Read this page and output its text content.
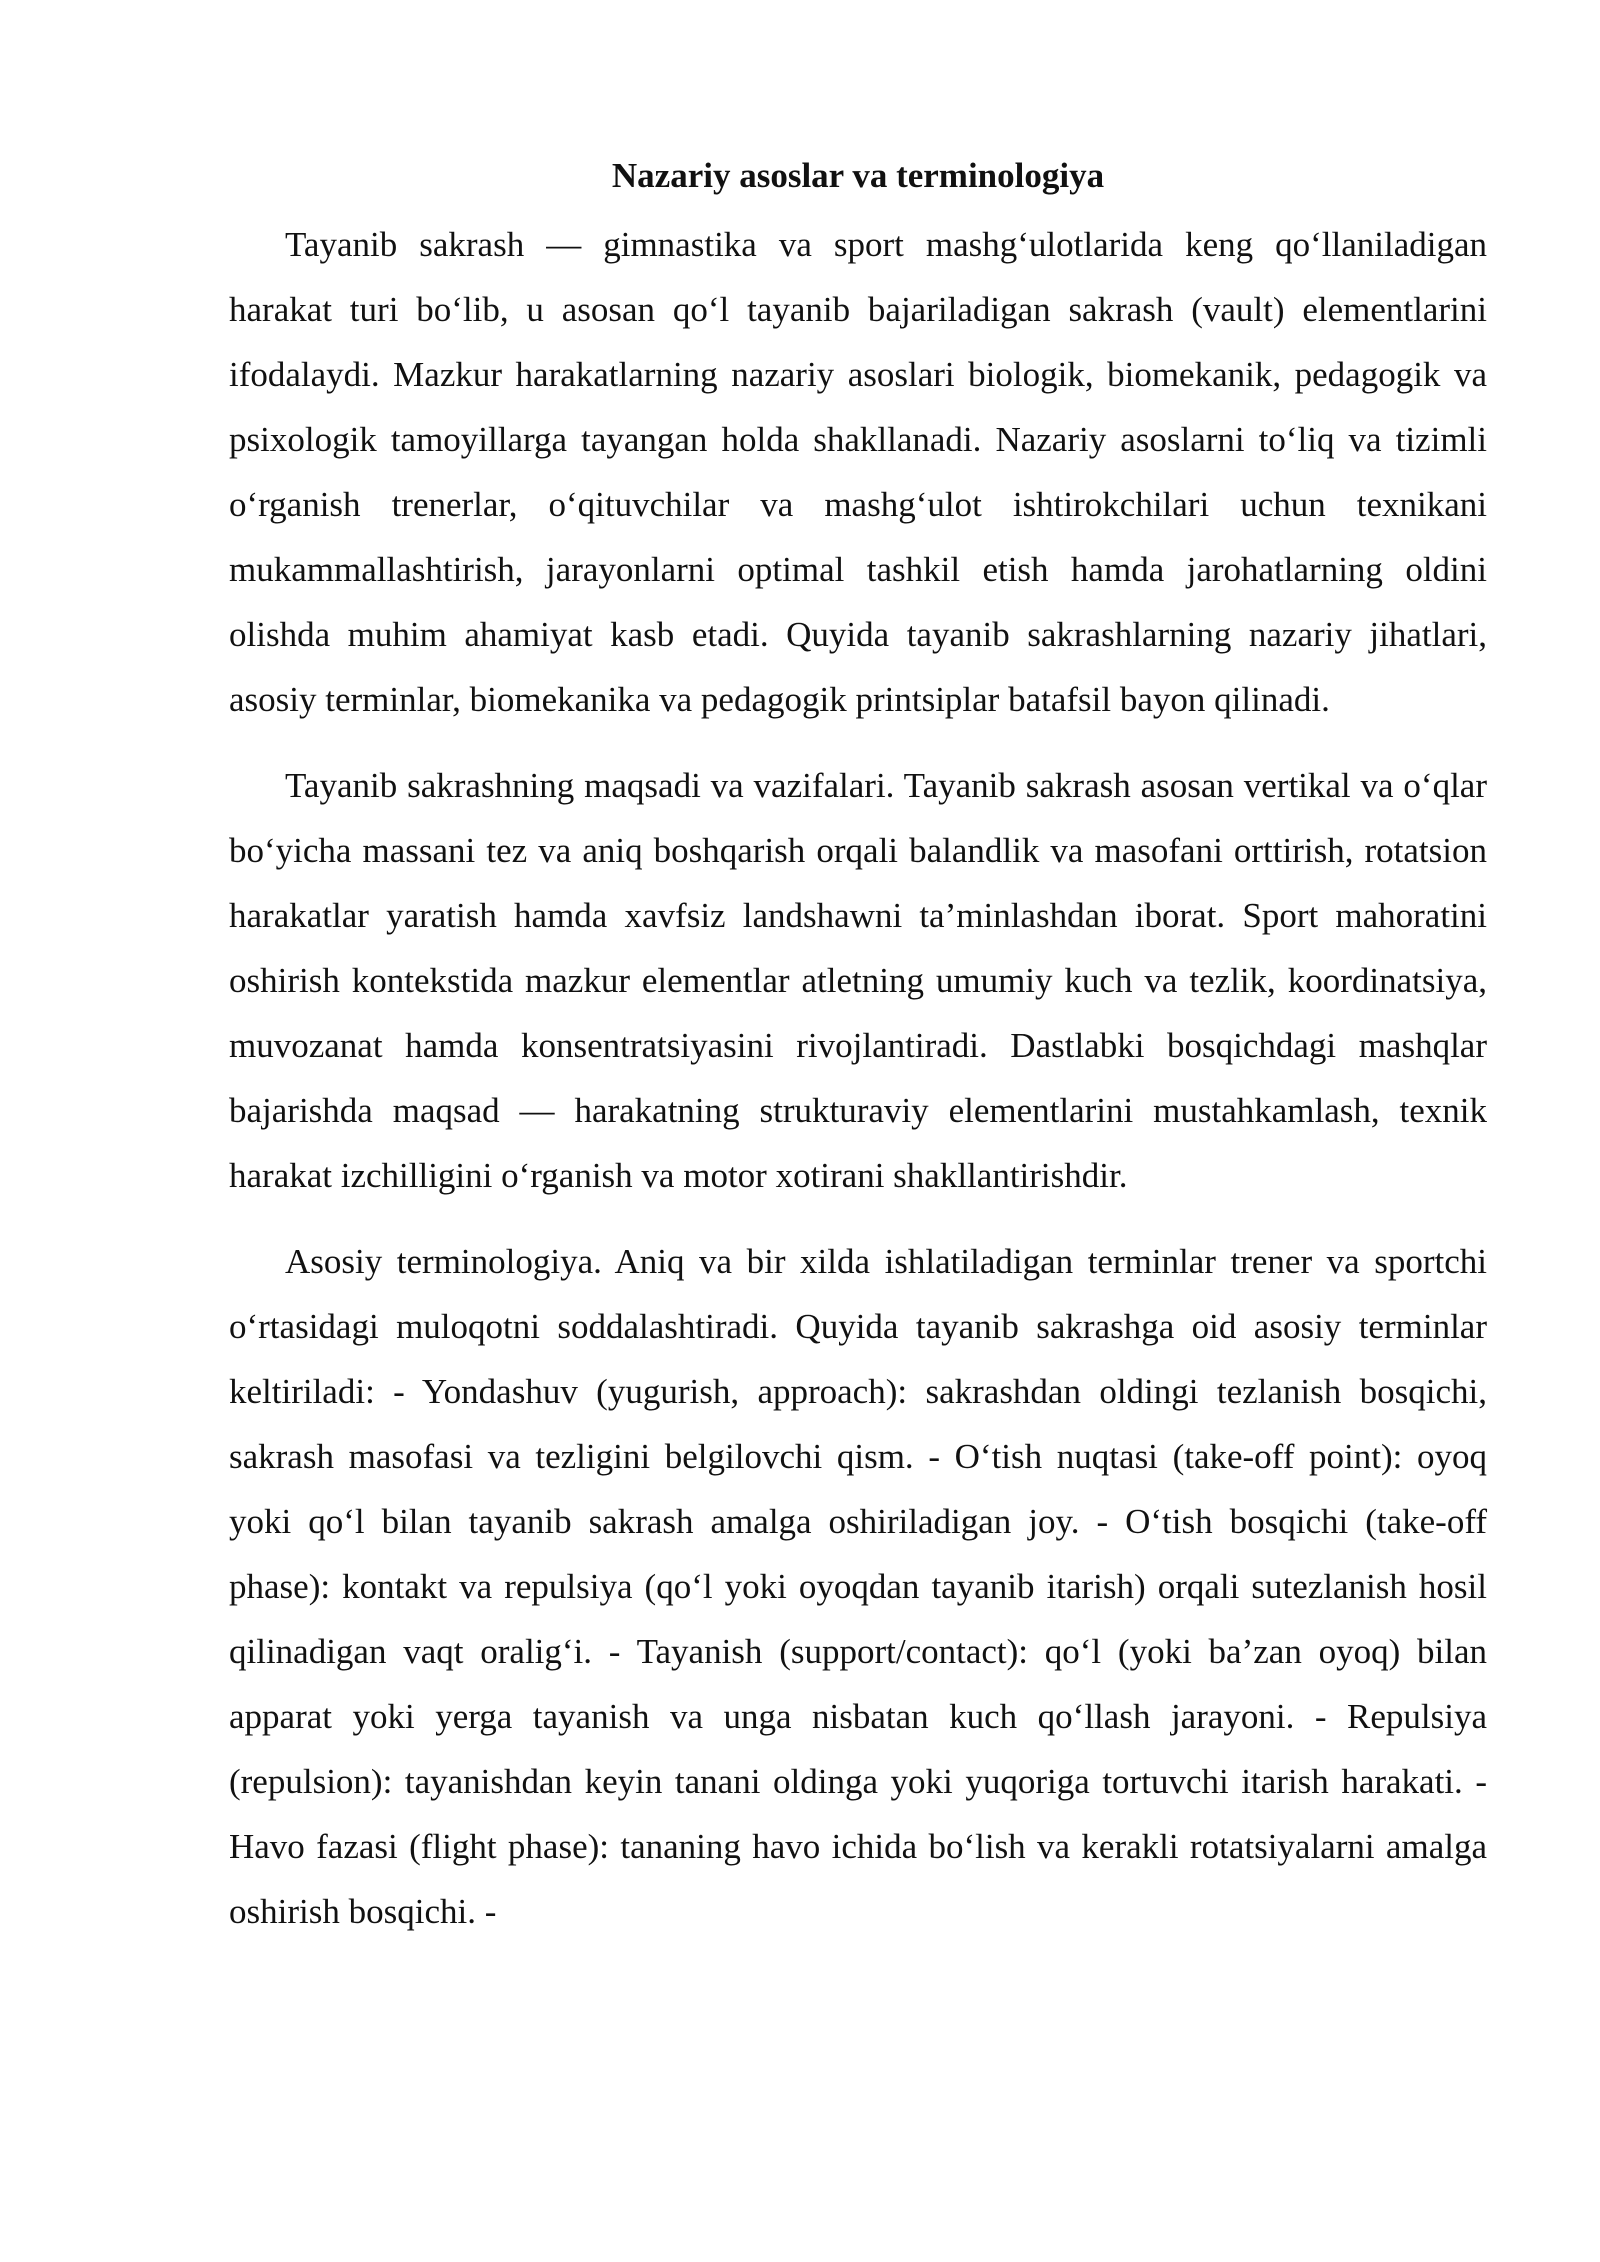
Nazariy asoslar va terminologiya

Tayanib sakrash — gimnastika va sport mashg‘ulotlarida keng qo‘llaniladigan harakat turi bo‘lib, u asosan qo‘l tayanib bajariladigan sakrash (vault) elementlarini ifodalaydi. Mazkur harakatlarning nazariy asoslari biologik, biomekanik, pedagogik va psixologik tamoyillarga tayangan holda shakllanadi. Nazariy asoslarni to‘liq va tizimli o‘rganish trenerlar, o‘qituvchilar va mashg‘ulot ishtirokchilari uchun texnikani mukammallashtirish, jarayonlarni optimal tashkil etish hamda jarohatlarning oldini olishda muhim ahamiyat kasb etadi. Quyida tayanib sakrashlarning nazariy jihatlari, asosiy terminlar, biomekanika va pedagogik printsiplar batafsil bayon qilinadi.

Tayanib sakrashning maqsadi va vazifalari. Tayanib sakrash asosan vertikal va o‘qlar bo‘yicha massani tez va aniq boshqarish orqali balandlik va masofani orttirish, rotatsion harakatlar yaratish hamda xavfsiz landshawni ta’minlashdan iborat. Sport mahoratini oshirish kontekstida mazkur elementlar atletning umumiy kuch va tezlik, koordinatsiya, muvozanat hamda konsentratsiyasini rivojlantiradi. Dastlabki bosqichdagi mashqlar bajarishda maqsad — harakatning strukturaviy elementlarini mustahkamlash, texnik harakat izchilligini o‘rganish va motor xotirani shakllantirishdir.

Asosiy terminologiya. Aniq va bir xilda ishlatiladigan terminlar trener va sportchi o‘rtasidagi muloqotni soddalashtiradi. Quyida tayanib sakrashga oid asosiy terminlar keltiriladi: - Yondashuv (yugurish, approach): sakrashdan oldingi tezlanish bosqichi, sakrash masofasi va tezligini belgilovchi qism. - O‘tish nuqtasi (take-off point): oyoq yoki qo‘l bilan tayanib sakrash amalga oshiriladigan joy. - O‘tish bosqichi (take-off phase): kontakt va repulsiya (qo‘l yoki oyoqdan tayanib itarish) orqali sutezlanish hosil qilinadigan vaqt oralig‘i. - Tayanish (support/contact): qo‘l (yoki ba’zan oyoq) bilan apparat yoki yerga tayanish va unga nisbatan kuch qo‘llash jarayoni. - Repulsiya (repulsion): tayanishdan keyin tanani oldinga yoki yuqoriga tortuvchi itarish harakati. - Havo fazasi (flight phase): tananing havo ichida bo‘lish va kerakli rotatsiyalarni amalga oshirish bosqichi. -
